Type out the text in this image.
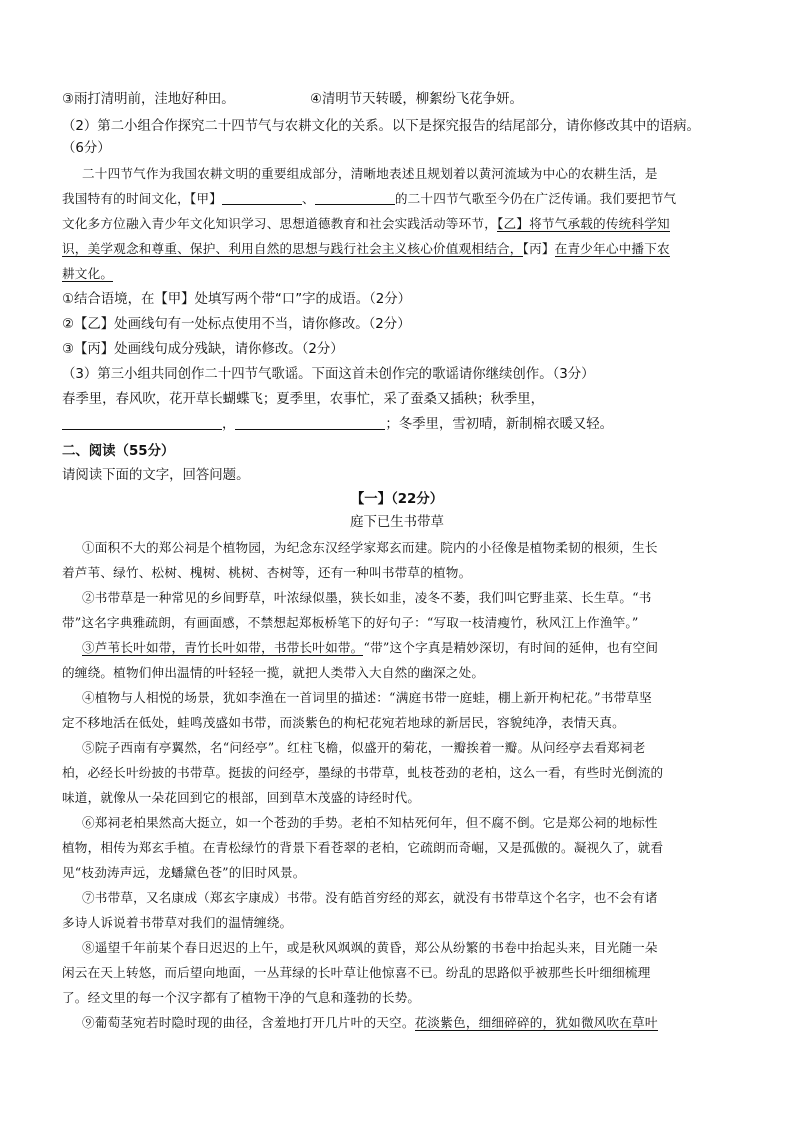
③雨打清明前，洼地好种田。	④清明节天转暖，柳絮纷飞花争妍。
（2）第二小组合作探究二十四节气与农耕文化的关系。以下是探究报告的结尾部分，请你修改其中的语病。
（6分）
二十四节气作为我国农耕文明的重要组成部分，清晰地表述且规划着以黄河流域为中心的农耕生活，是
我国特有的时间文化，【甲】	、	的二十四节气歌至今仍在广泛传诵。我们要把节气
文化多方位融入青少年文化知识学习、思想道德教育和社会实践活动等环节，【乙】将节气承载的传统科学知
识，美学观念和尊重、保护、利用自然的思想与践行社会主义核心价值观相结合，【丙】在青少年心中播下农
耕文化。
①结合语境，在【甲】处填写两个带“口”字的成语。（2分）
②【乙】处画线句有一处标点使用不当，请你修改。（2分）
③【丙】处画线句成分残缺，请你修改。（2分）
（3）第三小组共同创作二十四节气歌谣。下面这首未创作完的歌谣请你继续创作。（3分）
春季里，春风吹，花开草长蝴蝶飞；夏季里，农事忙，采了蚕桑又插秧；秋季里，
，	；冬季里，雪初晴，新制棉衣暖又轻。
二、阅读（55分）
请阅读下面的文字，回答问题。
【一】（22分）
庭下已生书带草
①面积不大的郑公祠是个植物园，为纪念东汉经学家郑玄而建。院内的小径像是植物柔韧的根须，生长
着芦苇、绿竹、松树、槐树、桃树、杏树等，还有一种叫书带草的植物。
②书带草是一种常见的乡间野草，叶浓绿似墨，狭长如韭，凌冬不萎，我们叫它野韭菜、长生草。“书
带”这名字典雅疏朗，有画面感，不禁想起郑板桥笔下的好句子：“写取一枝清瘦竹，秋风江上作渔竿。”
③芦苇长叶如带，青竹长叶如带，书带长叶如带。“带”这个字真是精妙深切，有时间的延伸，也有空间
的缠绕。植物们伸出温情的叶轻轻一揽，就把人类带入大自然的幽深之处。
④植物与人相悦的场景，犹如李渔在一首词里的描述：“满庭书带一庭蛙，棚上新开枸杞花。”书带草坚
定不移地活在低处，蛙鸣茂盛如书带，而淡紫色的枸杞花宛若地球的新居民，容貌纯净，表情天真。
⑤院子西南有亭翼然，名“问经亭”。红柱飞檐，似盛开的菊花，一瓣挨着一瓣。从问经亭去看郑祠老
柏，必经长叶纷披的书带草。挺拔的问经亭，墨绿的书带草，虬枝苍劲的老柏，这么一看，有些时光倒流的
味道，就像从一朵花回到它的根部，回到草木茂盛的诗经时代。
⑥郑祠老柏果然高大挺立，如一个苍劲的手势。老柏不知枯死何年，但不腐不倒。它是郑公祠的地标性
植物，相传为郑玄手植。在青松绿竹的背景下看苍翠的老柏，它疏朗而奇崛，又是孤傲的。凝视久了，就看
见“枝劲涛声远，龙蟠黛色苍”的旧时风景。
⑦书带草，又名康成（郑玄字康成）书带。没有皓首穷经的郑玄，就没有书带草这个名字，也不会有诸
多诗人诉说着书带草对我们的温情缠绕。
⑧遥望千年前某个春日迟迟的上午，或是秋风飒飒的黄昏，郑公从纷繁的书卷中抬起头来，目光随一朵
闲云在天上转悠，而后望向地面，一丛茸绿的长叶草让他惊喜不已。纷乱的思路似乎被那些长叶细细梳理
了。经文里的每一个汉字都有了植物干净的气息和蓬勃的长势。
⑨葡萄茎宛若时隐时现的曲径，含羞地打开几片叶的天空。花淡紫色，细细碎碎的，犹如微风吹在草叶
